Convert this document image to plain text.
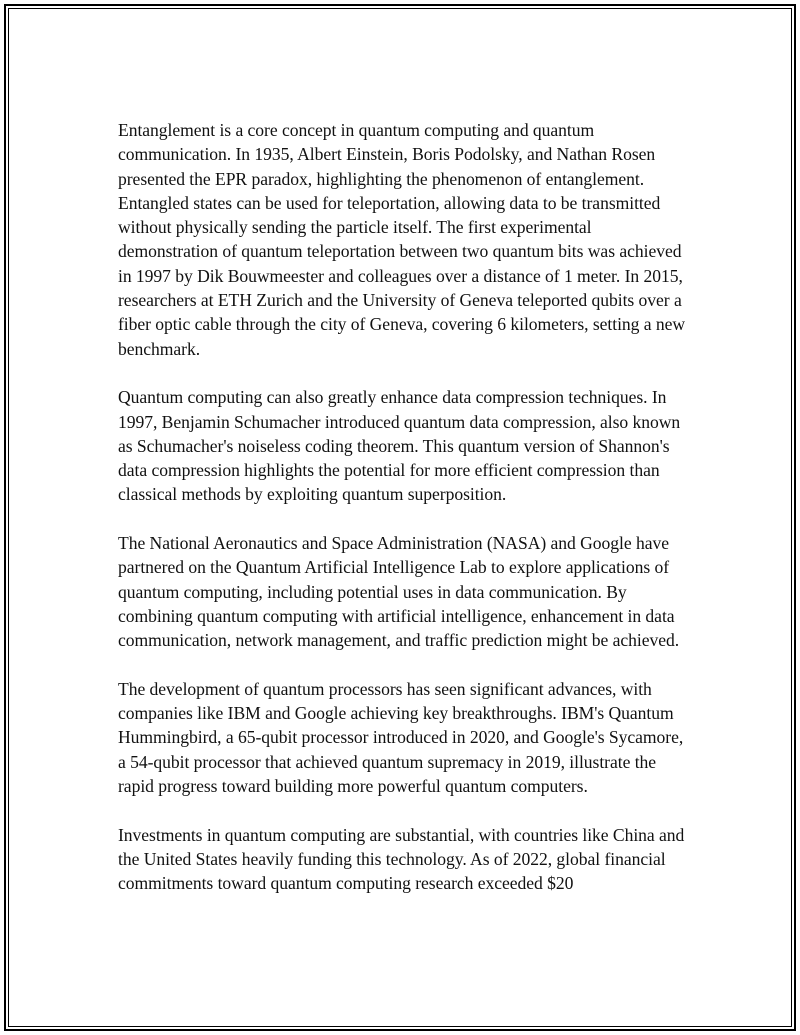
Entanglement is a core concept in quantum computing and quantum communication. In 1935, Albert Einstein, Boris Podolsky, and Nathan Rosen presented the EPR paradox, highlighting the phenomenon of entanglement. Entangled states can be used for teleportation, allowing data to be transmitted without physically sending the particle itself. The first experimental demonstration of quantum teleportation between two quantum bits was achieved in 1997 by Dik Bouwmeester and colleagues over a distance of 1 meter. In 2015, researchers at ETH Zurich and the University of Geneva teleported qubits over a fiber optic cable through the city of Geneva, covering 6 kilometers, setting a new benchmark.

Quantum computing can also greatly enhance data compression techniques. In 1997, Benjamin Schumacher introduced quantum data compression, also known as Schumacher's noiseless coding theorem. This quantum version of Shannon's data compression highlights the potential for more efficient compression than classical methods by exploiting quantum superposition.

The National Aeronautics and Space Administration (NASA) and Google have partnered on the Quantum Artificial Intelligence Lab to explore applications of quantum computing, including potential uses in data communication. By combining quantum computing with artificial intelligence, enhancement in data communication, network management, and traffic prediction might be achieved.

The development of quantum processors has seen significant advances, with companies like IBM and Google achieving key breakthroughs. IBM's Quantum Hummingbird, a 65-qubit processor introduced in 2020, and Google's Sycamore, a 54-qubit processor that achieved quantum supremacy in 2019, illustrate the rapid progress toward building more powerful quantum computers.

Investments in quantum computing are substantial, with countries like China and the United States heavily funding this technology. As of 2022, global financial commitments toward quantum computing research exceeded $20
